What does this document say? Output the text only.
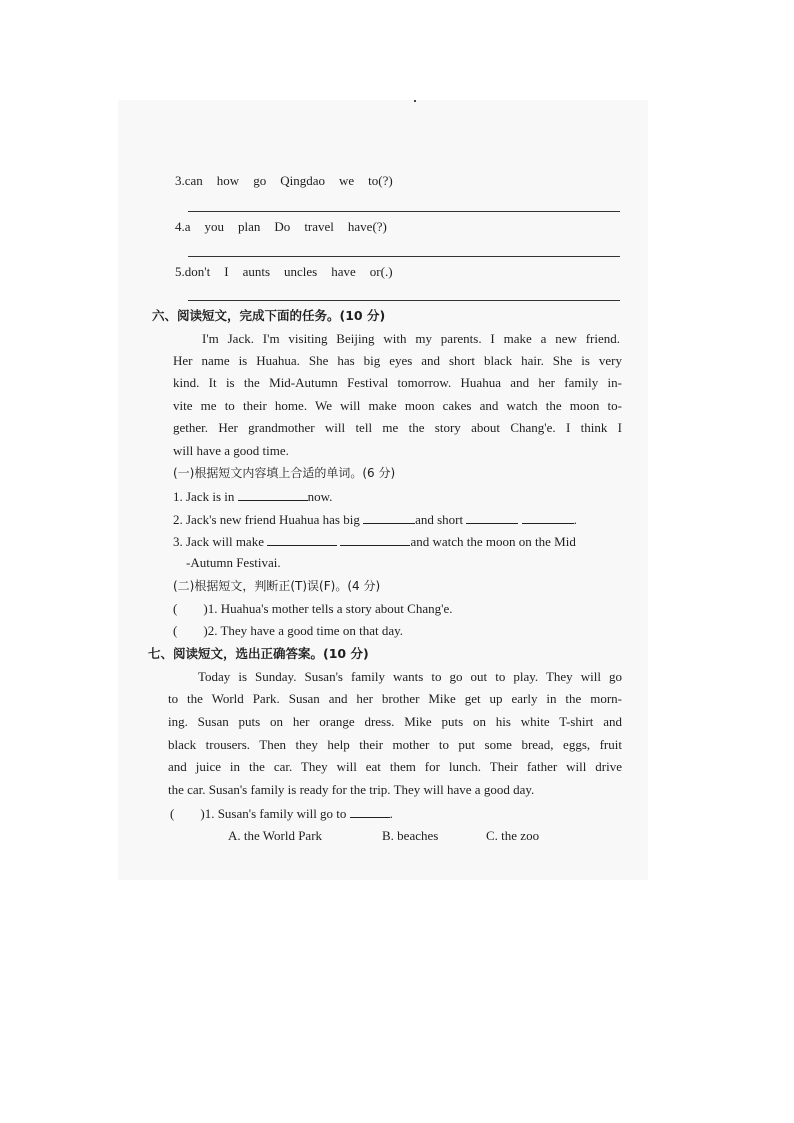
3.can how go Qingdao we to(?)
4.a you plan Do travel have(?)
5.don't I aunts uncles have or(.)
六、阅读短文，完成下面的任务。(10 分)
I'm Jack. I'm visiting Beijing with my parents. I make a new friend.
Her name is Huahua. She has big eyes and short black hair. She is very
kind. It is the Mid-Autumn Festival tomorrow. Huahua and her family in-
vite me to their home. We will make moon cakes and watch the moon to-
gether. Her grandmother will tell me the story about Chang'e. I think I
will have a good time.
(一)根据短文内容填上合适的单词。(6 分)
1. Jack is in	now.
2. Jack's new friend Huahua has big	and short	.
3. Jack will make	and watch the moon on the Mid
-Autumn Festivai.
(二)根据短文，判断正(T)误(F)。(4 分)
( )1. Huahua's mother tells a story about Chang'e.
( )2. They have a good time on that day.
七、阅读短文，选出正确答案。(10 分)
Today is Sunday. Susan's family wants to go out to play. They will go
to the World Park. Susan and her brother Mike get up early in the morn-
ing. Susan puts on her orange dress. Mike puts on his white T-shirt and
black trousers. Then they help their mother to put some bread, eggs, fruit
and juice in the car. They will eat them for lunch. Their father will drive
the car. Susan's family is ready for the trip. They will have a good day.
( )1. Susan's family will go to	.
A. the World Park	B. beaches	C. the zoo
